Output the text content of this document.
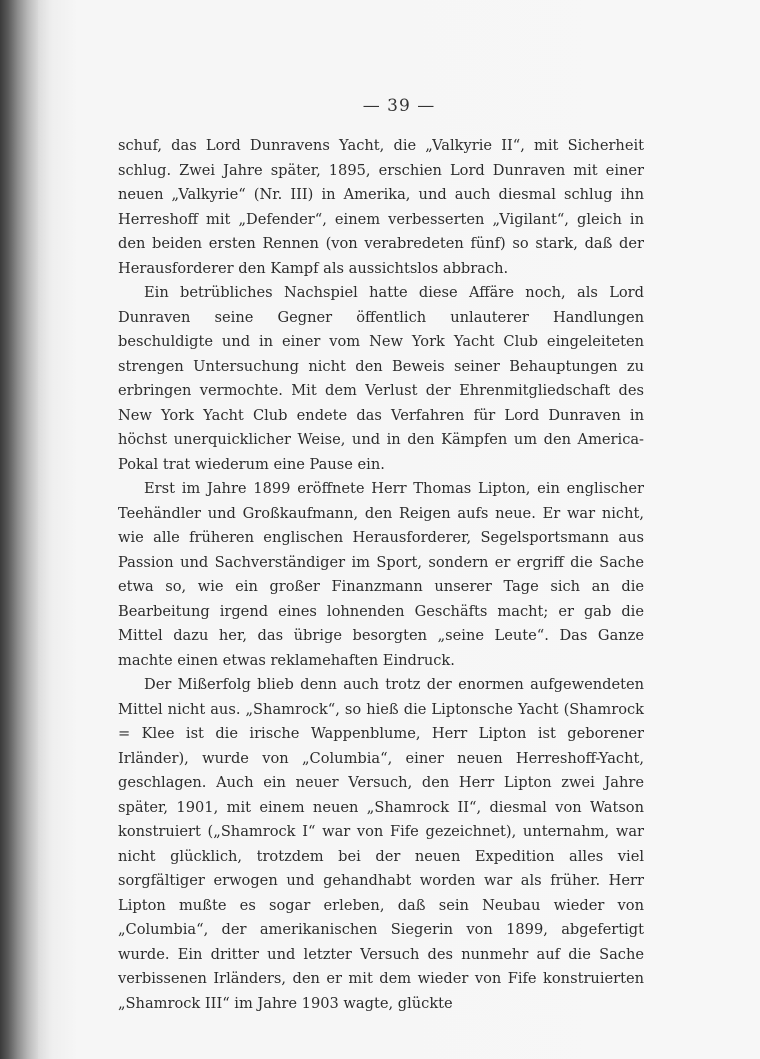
— 39 —

schuf, das Lord Dunravens Yacht, die „Valkyrie II“, mit Sicherheit schlug. Zwei Jahre später, 1895, erschien Lord Dunraven mit einer neuen „Valkyrie“ (Nr. III) in Amerika, und auch diesmal schlug ihn Herreshoff mit „Defender“, einem verbesserten „Vigilant“, gleich in den beiden ersten Rennen (von verabredeten fünf) so stark, daß der Herausforderer den Kampf als aussichtslos abbrach.

Ein betrübliches Nachspiel hatte diese Affäre noch, als Lord Dunraven seine Gegner öffentlich unlauterer Handlungen beschuldigte und in einer vom New York Yacht Club eingeleiteten strengen Untersuchung nicht den Beweis seiner Behauptungen zu erbringen vermochte. Mit dem Verlust der Ehrenmitgliedschaft des New York Yacht Club endete das Verfahren für Lord Dunraven in höchst unerquicklicher Weise, und in den Kämpfen um den America-Pokal trat wiederum eine Pause ein.

Erst im Jahre 1899 eröffnete Herr Thomas Lipton, ein englischer Teehändler und Großkaufmann, den Reigen aufs neue. Er war nicht, wie alle früheren englischen Herausforderer, Segelsportsmann aus Passion und Sachverständiger im Sport, sondern er ergriff die Sache etwa so, wie ein großer Finanzmann unserer Tage sich an die Bearbeitung irgend eines lohnenden Geschäfts macht; er gab die Mittel dazu her, das übrige besorgten „seine Leute“. Das Ganze machte einen etwas reklamehaften Eindruck.

Der Mißerfolg blieb denn auch trotz der enormen aufgewendeten Mittel nicht aus. „Shamrock“, so hieß die Liptonsche Yacht (Shamrock = Klee ist die irische Wappenblume, Herr Lipton ist geborener Irländer), wurde von „Columbia“, einer neuen Herreshoff-Yacht, geschlagen. Auch ein neuer Versuch, den Herr Lipton zwei Jahre später, 1901, mit einem neuen „Shamrock II“, diesmal von Watson konstruiert („Shamrock I“ war von Fife gezeichnet), unternahm, war nicht glücklich, trotzdem bei der neuen Expedition alles viel sorgfältiger erwogen und gehandhabt worden war als früher. Herr Lipton mußte es sogar erleben, daß sein Neubau wieder von „Columbia“, der amerikanischen Siegerin von 1899, abgefertigt wurde. Ein dritter und letzter Versuch des nunmehr auf die Sache verbissenen Irländers, den er mit dem wieder von Fife konstruierten „Shamrock III“ im Jahre 1903 wagte, glückte
